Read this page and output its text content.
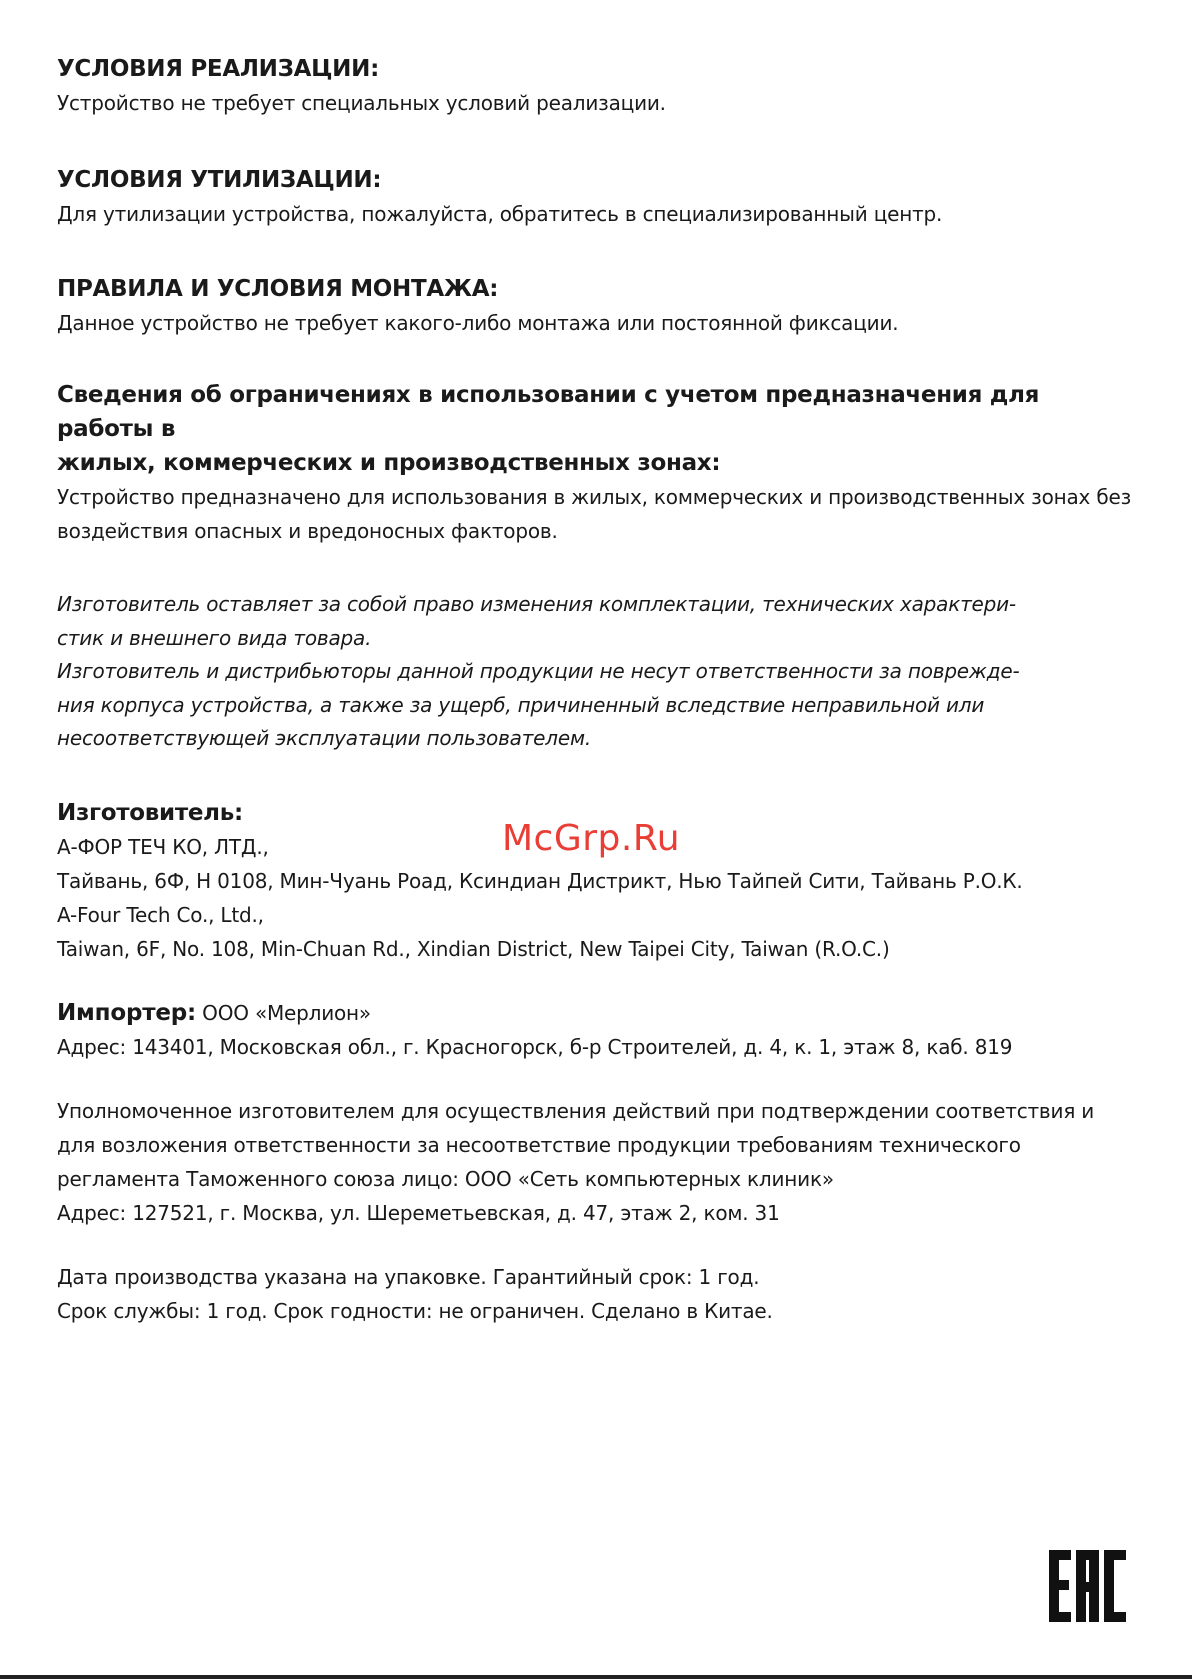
УСЛОВИЯ РЕАЛИЗАЦИИ:

Устройство не требует специальных условий реализации.

УСЛОВИЯ УТИЛИЗАЦИИ:

Для утилизации устройства, пожалуйста, обратитесь в специализированный центр.

ПРАВИЛА И УСЛОВИЯ МОНТАЖА:

Данное устройство не требует какого-либо монтажа или постоянной фиксации.

Сведения об ограничениях в использовании с учетом предназначения для работы в
жилых, коммерческих и производственных зонах:

Устройство предназначено для использования в жилых, коммерческих и производственных зонах без

воздействия опасных и вредоносных факторов.

Изготовитель оставляет за собой право изменения комплектации, технических характери-

стик и внешнего вида товара.

Изготовитель и дистрибьюторы данной продукции не несут ответственности за поврежде-

ния корпуса устройства, а также за ущерб, причиненный вследствие неправильной или

несоответствующей эксплуатации пользователем.

Изготовитель:

А-ФОР ТЕЧ КО, ЛТД.,

Тайвань, 6Ф, Н 0108, Мин-Чуань Роад, Ксиндиан Дистрикт, Нью Тайпей Сити, Тайвань Р.О.К.

A-Four Tech Co., Ltd.,

Taiwan, 6F, No. 108, Min-Chuan Rd., Xindian District, New Taipei City, Taiwan (R.O.C.)

Импортер: ООО «Мерлион»

Адрес: 143401, Московская обл., г. Красногорск, б-р Строителей, д. 4, к. 1, этаж 8, каб. 819

Уполномоченное изготовителем для осуществления действий при подтверждении соответствия и

для возложения ответственности за несоответствие продукции требованиям технического

регламента Таможенного союза лицо: ООО «Сеть компьютерных клиник»

Адрес: 127521, г. Москва, ул. Шереметьевская, д. 47, этаж 2, ком. 31

Дата производства указана на упаковке. Гарантийный срок: 1 год.

Срок службы: 1 год. Срок годности: не ограничен. Сделано в Китае.

McGrp.Ru
